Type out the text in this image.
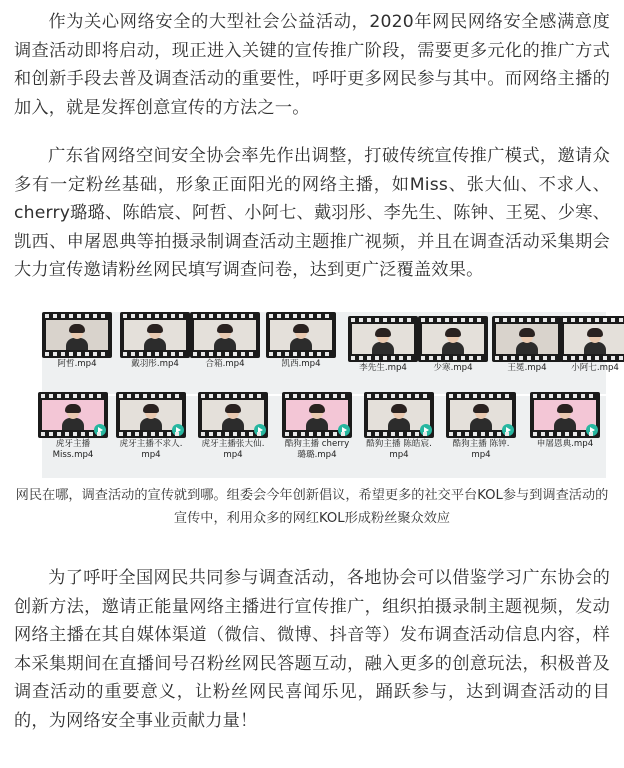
作为关心网络安全的大型社会公益活动，2020年网民网络安全感满意度调查活动即将启动，现正进入关键的宣传推广阶段，需要更多元化的推广方式和创新手段去普及调查活动的重要性，呼吁更多网民参与其中。而网络主播的加入，就是发挥创意宣传的方法之一。

广东省网络空间安全协会率先作出调整，打破传统宣传推广模式，邀请众多有一定粉丝基础，形象正面阳光的网络主播，如Miss、张大仙、不求人、cherry璐璐、陈皓宸、阿哲、小阿七、戴羽彤、李先生、陈钟、王冕、少寒、凯西、申屠恩典等拍摄录制调查活动主题推广视频，并且在调查活动采集期会大力宣传邀请粉丝网民填写调查问卷，达到更广泛覆盖效果。

阿哲.mp4	戴羽彤.mp4	合箱.mp4	凯西.mp4	李先生.mp4	少寒.mp4	王冕.mp4	小阿七.mp4
虎牙主播
Miss.mp4
虎牙主播不求人.
mp4
虎牙主播张大仙.
mp4
酷狗主播 cherry
璐璐.mp4
酷狗主播 陈皓宸.
mp4
酷狗主播 陈钟.
mp4
申屠恩典.mp4

网民在哪，调查活动的宣传就到哪。组委会今年创新倡议，希望更多的社交平台KOL参与到调查活动的宣传中，利用众多的网红KOL形成粉丝聚众效应

为了呼吁全国网民共同参与调查活动，各地协会可以借鉴学习广东协会的创新方法，邀请正能量网络主播进行宣传推广，组织拍摄录制主题视频，发动网络主播在其自媒体渠道（微信、微博、抖音等）发布调查活动信息内容，样本采集期间在直播间号召粉丝网民答题互动，融入更多的创意玩法，积极普及调查活动的重要意义，让粉丝网民喜闻乐见，踊跃参与，达到调查活动的目的，为网络安全事业贡献力量！
